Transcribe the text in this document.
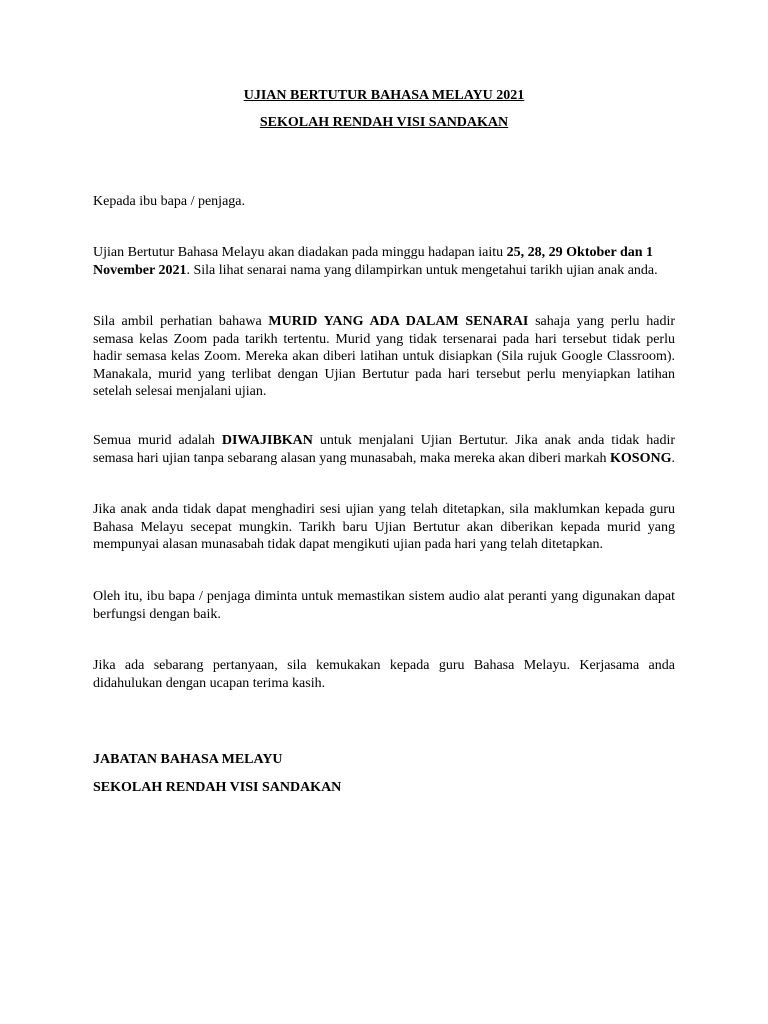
UJIAN BERTUTUR BAHASA MELAYU 2021

SEKOLAH RENDAH VISI SANDAKAN

Kepada ibu bapa / penjaga.

Ujian Bertutur Bahasa Melayu akan diadakan pada minggu hadapan iaitu 25, 28, 29 Oktober dan 1 November 2021. Sila lihat senarai nama yang dilampirkan untuk mengetahui tarikh ujian anak anda.

Sila ambil perhatian bahawa MURID YANG ADA DALAM SENARAI sahaja yang perlu hadir semasa kelas Zoom pada tarikh tertentu. Murid yang tidak tersenarai pada hari tersebut tidak perlu hadir semasa kelas Zoom. Mereka akan diberi latihan untuk disiapkan (Sila rujuk Google Classroom). Manakala, murid yang terlibat dengan Ujian Bertutur pada hari tersebut perlu menyiapkan latihan setelah selesai menjalani ujian.

Semua murid adalah DIWAJIBKAN untuk menjalani Ujian Bertutur. Jika anak anda tidak hadir semasa hari ujian tanpa sebarang alasan yang munasabah, maka mereka akan diberi markah KOSONG.

Jika anak anda tidak dapat menghadiri sesi ujian yang telah ditetapkan, sila maklumkan kepada guru Bahasa Melayu secepat mungkin. Tarikh baru Ujian Bertutur akan diberikan kepada murid yang mempunyai alasan munasabah tidak dapat mengikuti ujian pada hari yang telah ditetapkan.

Oleh itu, ibu bapa / penjaga diminta untuk memastikan sistem audio alat peranti yang digunakan dapat berfungsi dengan baik.

Jika ada sebarang pertanyaan, sila kemukakan kepada guru Bahasa Melayu. Kerjasama anda didahulukan dengan ucapan terima kasih.

JABATAN BAHASA MELAYU

SEKOLAH RENDAH VISI SANDAKAN
